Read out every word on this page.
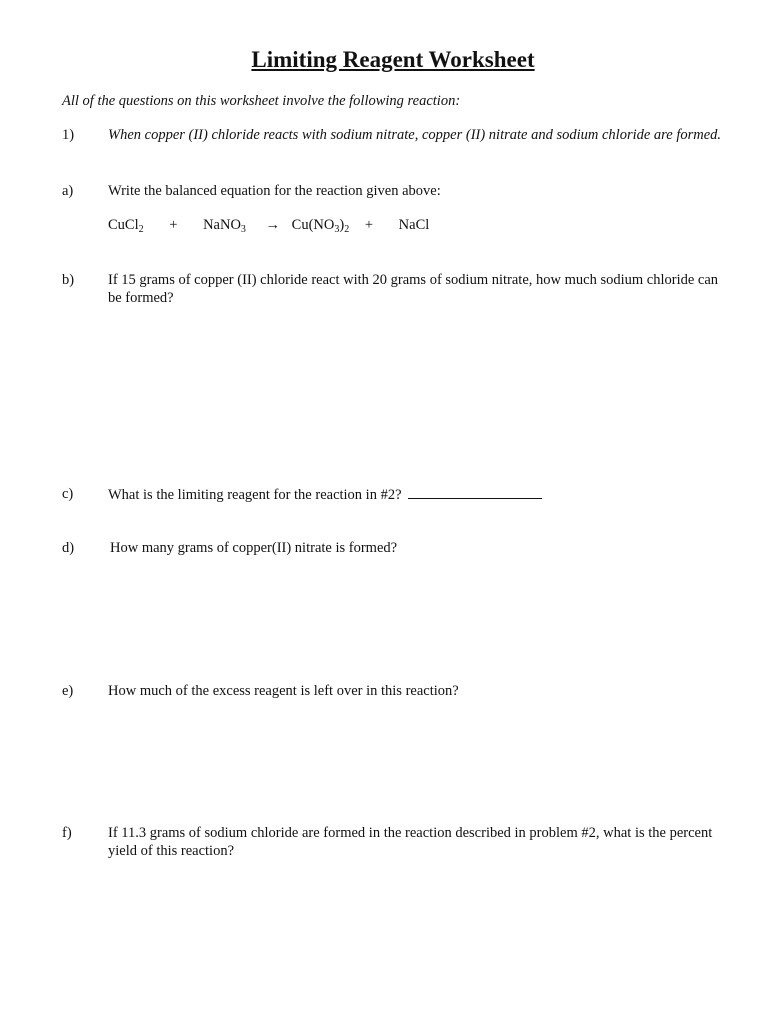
Limiting Reagent Worksheet
All of the questions on this worksheet involve the following reaction:
1) When copper (II) chloride reacts with sodium nitrate, copper (II) nitrate and sodium chloride are formed.
a) Write the balanced equation for the reaction given above:
CuCl$_2$ + NaNO$_3$ → $Cu(NO_3)_2$ + NaCl
b) If 15 grams of copper (II) chloride react with 20 grams of sodium nitrate, how much sodium chloride can be formed?
c) What is the limiting reagent for the reaction in #2?
d) How many grams of copper(II) nitrate is formed?
e) How much of the excess reagent is left over in this reaction?
f)	If 11.3 grams of sodium chloride are formed in the reaction described in problem #2, what is the percent yield of this reaction?
